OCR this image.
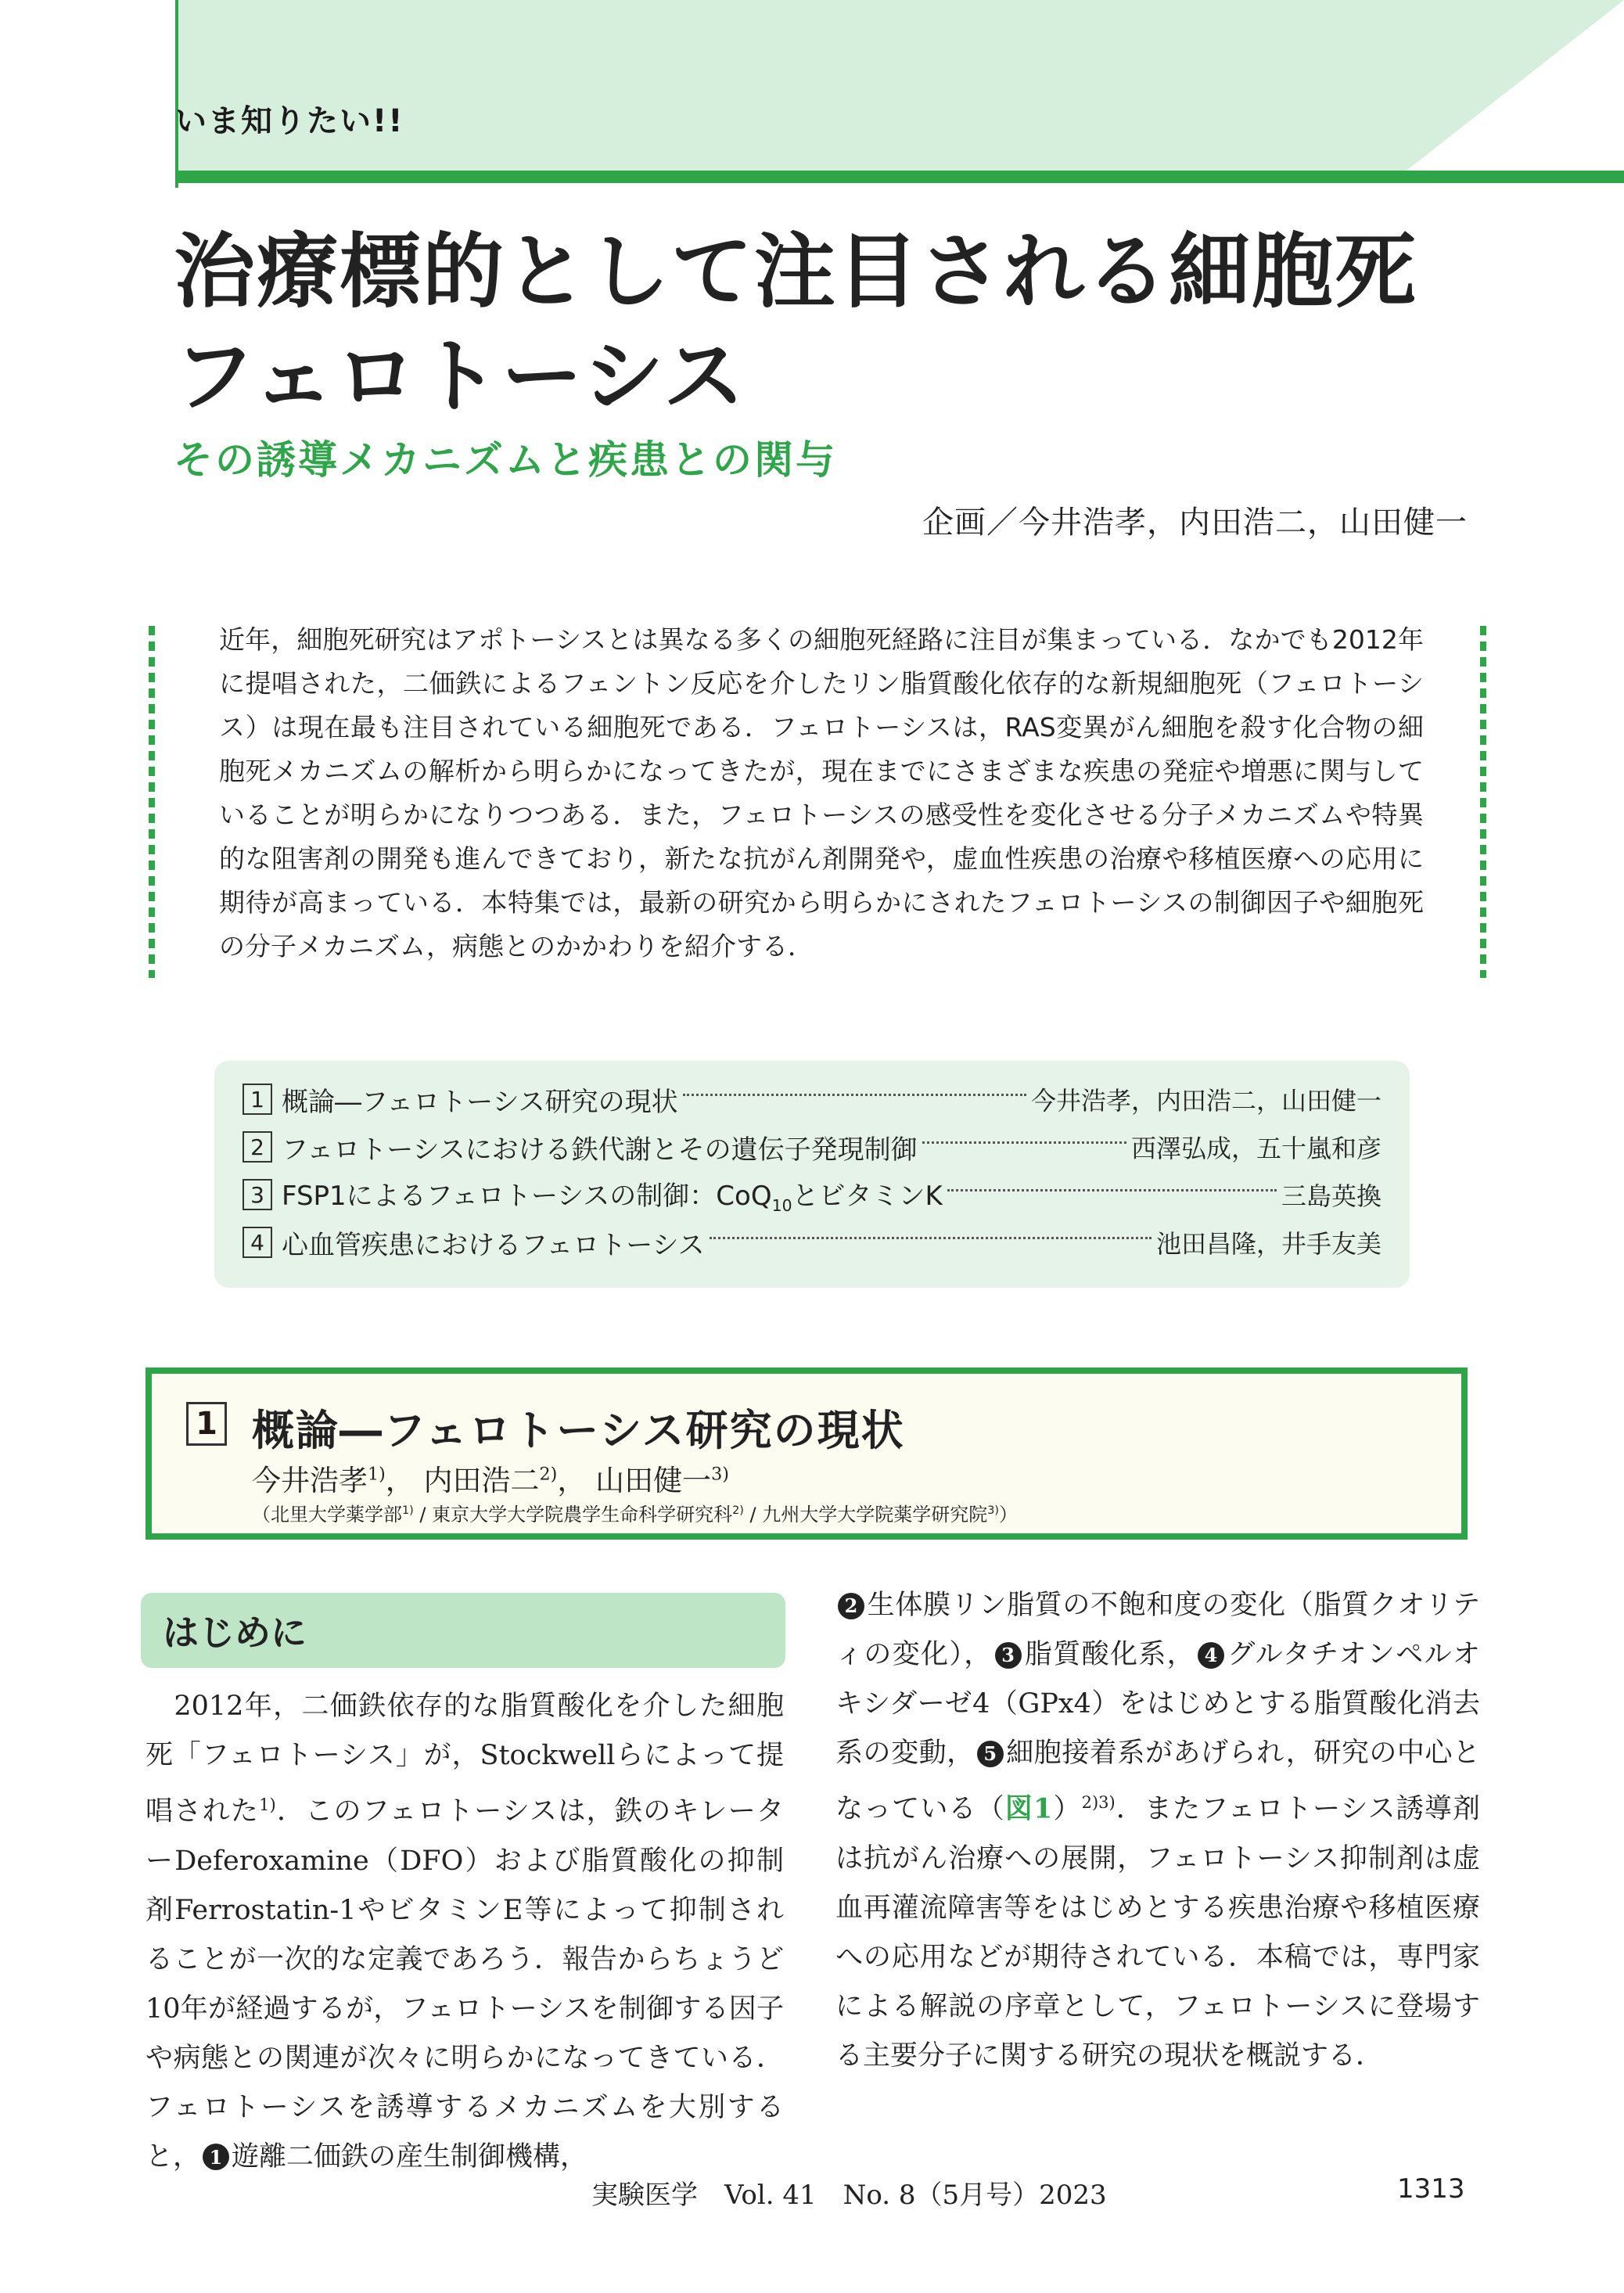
いま知りたい!!
治療標的として注目される細胞死
フェロトーシス
その誘導メカニズムと疾患との関与
企画／今井浩孝，内田浩二，山田健一
近年，細胞死研究はアポトーシスとは異なる多くの細胞死経路に注目が集まっている．なかでも2012年に提唱された，二価鉄によるフェントン反応を介したリン脂質酸化依存的な新規細胞死（フェロトーシス）は現在最も注目されている細胞死である．フェロトーシスは，RAS変異がん細胞を殺す化合物の細胞死メカニズムの解析から明らかになってきたが，現在までにさまざまな疾患の発症や増悪に関与していることが明らかになりつつある．また，フェロトーシスの感受性を変化させる分子メカニズムや特異的な阻害剤の開発も進んできており，新たな抗がん剤開発や，虚血性疾患の治療や移植医療への応用に期待が高まっている．本特集では，最新の研究から明らかにされたフェロトーシスの制御因子や細胞死の分子メカニズム，病態とのかかわりを紹介する．
1 概論―フェロトーシス研究の現状	今井浩孝，内田浩二，山田健一
2 フェロトーシスにおける鉄代謝とその遺伝子発現制御	西澤弘成，五十嵐和彦
3 FSP1によるフェロトーシスの制御：CoQ$_{10}$とビタミンK	三島英換
4 心血管疾患におけるフェロトーシス	池田昌隆，井手友美
1 概論―フェロトーシス研究の現状
今井浩孝$^{1)}$， 内田浩二$^{2)}$， 山田健一$^{3)}$
（北里大学薬学部$^{1)}$ / 東京大学大学院農学生命科学研究科$^{2)}$ / 九州大学大学院薬学研究院$^{3)}$）
はじめに
　2012年，二価鉄依存的な脂質酸化を介した細胞死「フェロトーシス」が，Stockwellらによって提唱された$^{1)}$．このフェロトーシスは，鉄のキレーターDeferoxamine（DFO）および脂質酸化の抑制剤Ferrostatin-1やビタミンE等によって抑制されることが一次的な定義であろう．報告からちょうど10年が経過するが，フェロトーシスを制御する因子や病態との関連が次々に明らかになってきている．フェロトーシスを誘導するメカニズムを大別すると， 1 遊離二価鉄の産生制御機構，
2 生体膜リン脂質の不飽和度の変化（脂質クオリティの変化）， 3 脂質酸化系， 4 グルタチオンペルオキシダーゼ4（GPx4）をはじめとする脂質酸化消去系の変動， 5 細胞接着系があげられ，研究の中心となっている（図1）$^{2)3)}$．またフェロトーシス誘導剤は抗がん治療への展開，フェロトーシス抑制剤は虚血再灌流障害等をはじめとする疾患治療や移植医療への応用などが期待されている．本稿では，専門家による解説の序章として，フェロトーシスに登場する主要分子に関する研究の現状を概説する．
実験医学　Vol. 41　No. 8（5月号）2023	1313
